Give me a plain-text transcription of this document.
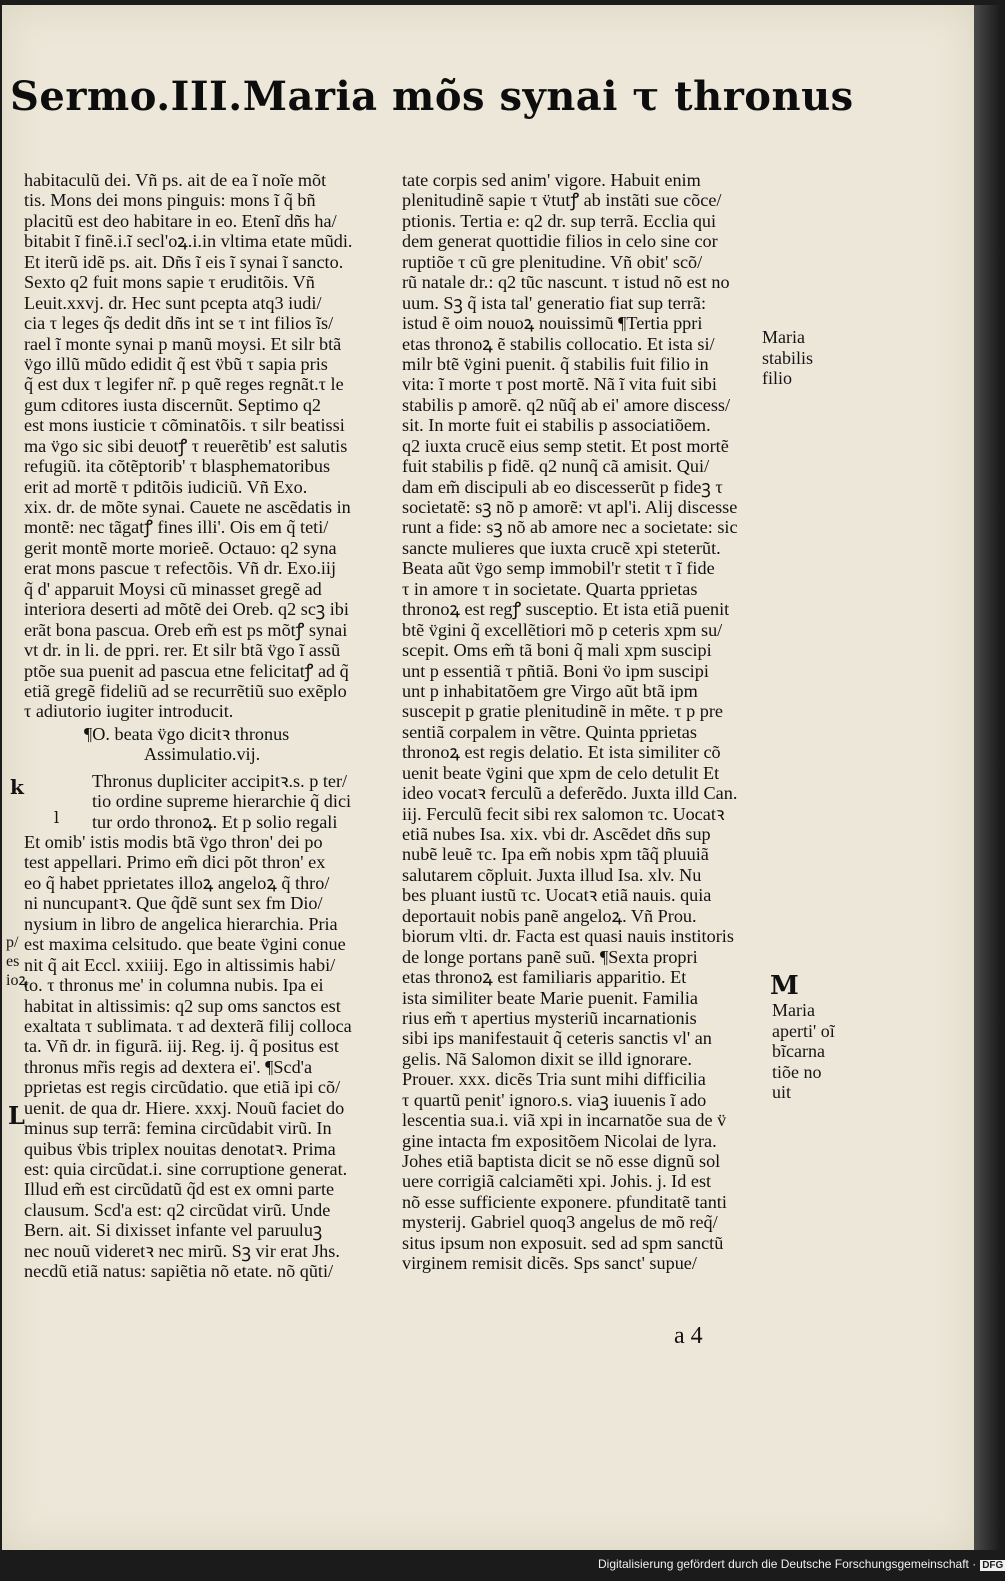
Sermo.III.Maria mõs synai τ thronus
habitaculũ dei. Vñ ps. ait de ea ĩ noĩe mõt
tis. Mons dei mons pinguis: mons ĩ q̃ bñ
placitũ est deo habitare in eo. Etenĩ dñs ha/
bitabit ĩ finẽ.i.ĩ secl'oꝝ.i.in vltima etate mũdi.
Et iterũ idẽ ps. ait. Dñs ĩ eis ĩ synai ĩ sancto.
Sexto q2 fuit mons sapie τ eruditõis. Vñ
Leuit.xxvj. dr. Hec sunt pcepta atq3 iudi/
cia τ leges q̃s dedit dñs int se τ int filios ĩs/
rael ĩ monte synai p manũ moysi. Et silr btã
v̈go illũ mũdo edidit q̃ est v̈bũ τ sapia pris
q̃ est dux τ legifer nr̃. p quẽ reges regnãt.τ le
gum cditores iusta discernũt. Septimo q2
est mons iusticie τ cõminatõis. τ silr beatissi
ma v̈go sic sibi deuotꝭ τ reuerẽtib' est salutis
refugiũ. ita cõtẽptorib' τ blasphematoribus
erit ad mortẽ τ pditõis iudiciũ. Vñ Exo.
xix. dr. de mõte synai. Cauete ne ascẽdatis in
montẽ: nec tãgatꝭ fines illi'. Ois em q̃ teti/
gerit montẽ morte morieẽ. Octauo: q2 syna
erat mons pascue τ refectõis. Vñ dr. Exo.iij
q̃ d' apparuit Moysi cũ minasset gregẽ ad
interiora deserti ad mõtẽ dei Oreb. q2 scꝫ ibi
erãt bona pascua. Oreb em̃ est ps mõtꝭ synai
vt dr. in li. de ppri. rer. Et silr btã v̈go ĩ assũ
ptõe sua puenit ad pascua etne felicitatꝭ ad q̃
etiã gregẽ fideliũ ad se recurrẽtiũ suo exẽplo
τ adiutorio iugiter introducit.
¶O. beata v̈go dicitꝛ thronus
Assimulatio.vij.
Thronus dupliciter accipitꝛ.s. p ter/
tio ordine supreme hierarchie q̃ dici
tur ordo thronoꝝ. Et p solio regali
Et omib' istis modis btã v̈go thron' dei po
test appellari. Primo em̃ dici põt thron' ex
eo q̃ habet pprietates illoꝝ angeloꝝ q̃ thro/
ni nuncupantꝛ. Que q̃dẽ sunt sex fm Dio/
nysium in libro de angelica hierarchia. Pria
est maxima celsitudo. que beate v̈gini conue
nit q̃ ait Eccl. xxiiij. Ego in altissimis habi/
to. τ thronus me' in columna nubis. Ipa ei
habitat in altissimis: q2 sup oms sanctos est
exaltata τ sublimata. τ ad dexterã filij colloca
ta. Vñ dr. in figurã. iij. Reg. ij. q̃ positus est
thronus mr̃is regis ad dextera ei'. ¶Scd'a
pprietas est regis circũdatio. que etiã ipi cõ/
uenit. de qua dr. Hiere. xxxj. Nouũ faciet do
minus sup terrã: femina circũdabit virũ. In
quibus v̈bis triplex nouitas denotatꝛ. Prima
est: quia circũdat.i. sine corruptione generat.
Illud em̃ est circũdatũ q̃d est ex omni parte
clausum. Scd'a est: q2 circũdat virũ. Unde
Bern. ait. Si dixisset infante vel paruuluꝫ
nec nouũ videretꝛ nec mirũ. Sꝫ vir erat Jhs.
necdũ etiã natus: sapiẽtia nõ etate. nõ qũti/
tate corpis sed anim' vigore. Habuit enim
plenitudinẽ sapie τ v̈tutꝭ ab instãti sue cõce/
ptionis. Tertia e: q2 dr. sup terrã. Ecclia qui
dem generat quottidie filios in celo sine cor
ruptiõe τ cũ gre plenitudine. Vñ obit' scõ/
rũ natale dr.: q2 tũc nascunt. τ istud nõ est no
uum. Sꝫ q̃ ista tal' generatio fiat sup terrã:
istud ẽ oim nouoꝝ nouissimũ ¶Tertia ppri
etas thronoꝝ ẽ stabilis collocatio. Et ista si/
milr btẽ v̈gini puenit. q̃ stabilis fuit filio in
vita: ĩ morte τ post mortẽ. Nã ĩ vita fuit sibi
stabilis p amorẽ. q2 nũq̃ ab ei' amore discess/
sit. In morte fuit ei stabilis p associatiõem.
q2 iuxta crucẽ eius semp stetit. Et post mortẽ
fuit stabilis p fidẽ. q2 nunq̃ cã amisit. Qui/
dam em̃ discipuli ab eo discesserũt p fideꝫ τ
societatẽ: sꝫ nõ p amorẽ: vt apl'i. Alij discesse
runt a fide: sꝫ nõ ab amore nec a societate: sic
sancte mulieres que iuxta crucẽ xpi steterũt.
Beata aũt v̈go semp immobil'r stetit τ ĩ fide
τ in amore τ in societate. Quarta pprietas
thronoꝝ est regꝭ susceptio. Et ista etiã puenit
btẽ v̈gini q̃ excellẽtiori mõ p ceteris xpm su/
scepit. Oms em̃ tã boni q̃ mali xpm suscipi
unt p essentiã τ pñtiã. Boni v̈o ipm suscipi
unt p inhabitatõem gre Virgo aũt btã ipm
suscepit p gratie plenitudinẽ in mẽte. τ p pre
sentiã corpalem in vẽtre. Quinta pprietas
thronoꝝ est regis delatio. Et ista similiter cõ
uenit beate v̈gini que xpm de celo detulit Et
ideo vocatꝛ ferculũ a deferẽdo. Juxta illd Can.
iij. Ferculũ fecit sibi rex salomon τc. Uocatꝛ
etiã nubes Isa. xix. vbi dr. Ascẽdet dñs sup
nubẽ leuẽ τc. Ipa em̃ nobis xpm tãq̃ pluuiã
salutarem cõpluit. Juxta illud Isa. xlv. Nu
bes pluant iustũ τc. Uocatꝛ etiã nauis. quia
deportauit nobis panẽ angeloꝝ. Vñ Prou.
biorum vlti. dr. Facta est quasi nauis institoris
de longe portans panẽ suũ. ¶Sexta propri
etas thronoꝝ est familiaris apparitio. Et
ista similiter beate Marie puenit. Familia
rius em̃ τ apertius mysteriũ incarnationis
sibi ips manifestauit q̃ ceteris sanctis vl' an
gelis. Nã Salomon dixit se illd ignorare.
Prouer. xxx. dicẽs Tria sunt mihi difficilia
τ quartũ penit' ignoro.s. viaꝫ iuuenis ĩ ado
lescentia sua.i. viã xpi in incarnatõe sua de v̈
gine intacta fm expositõem Nicolai de lyra.
Johes etiã baptista dicit se nõ esse dignũ sol
uere corrigiã calciamẽti xpi. Johis. j. Id est
nõ esse sufficiente exponere. pfunditatẽ tanti
mysterij. Gabriel quoq3 angelus de mõ req̃/
situs ipsum non exposuit. sed ad spm sanctũ
virginem remisit dicẽs. Sps sanct' supue/
Maria
stabilis
filio
M
Maria
aperti' oĩ
bĩcarna
tiõe no
uit
k
l
p/
es
ioꝝ
L
a 4
Digitalisierung gefördert durch die Deutsche Forschungsgemeinschaft · DFG
